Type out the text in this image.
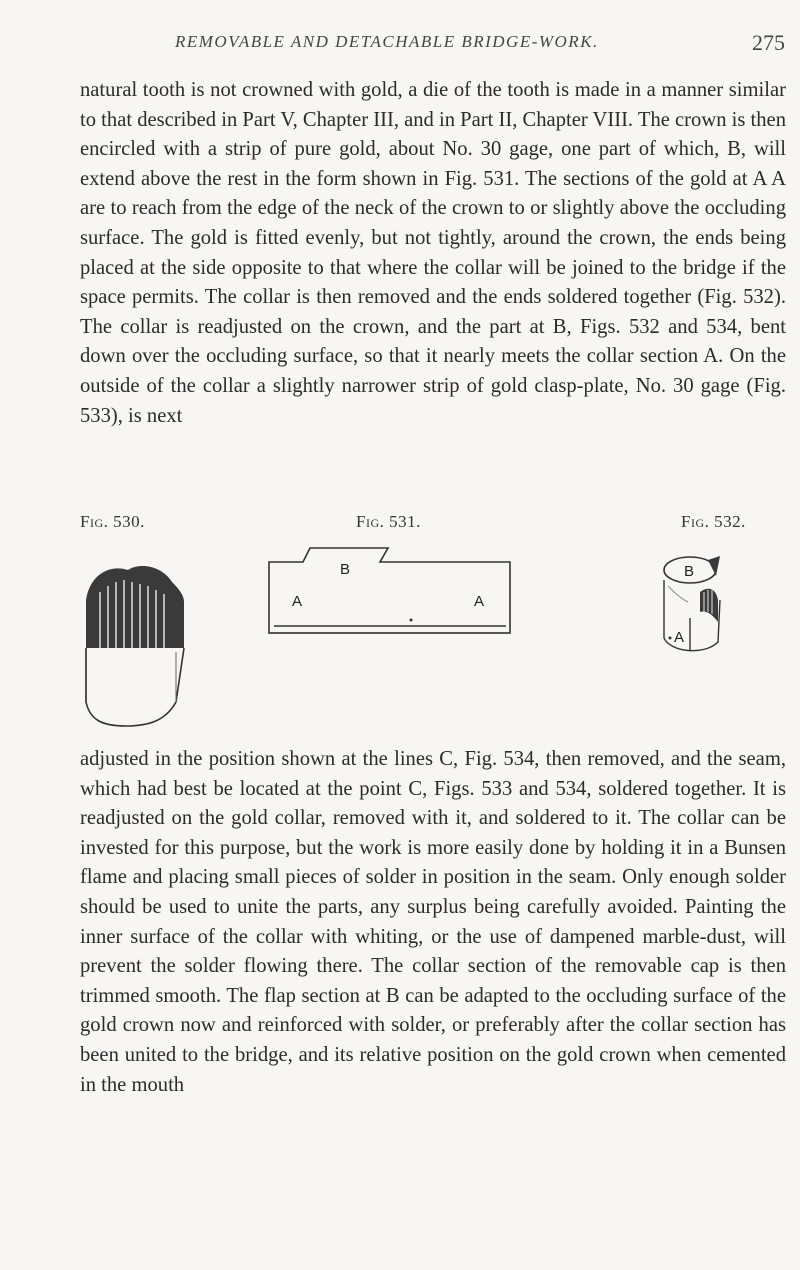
REMOVABLE AND DETACHABLE BRIDGE-WORK.	275

natural tooth is not crowned with gold, a die of the tooth is made in a manner similar to that described in Part V, Chapter III, and in Part II, Chapter VIII. The crown is then encircled with a strip of pure gold, about No. 30 gage, one part of which, B, will extend above the rest in the form shown in Fig. 531. The sections of the gold at A A are to reach from the edge of the neck of the crown to or slightly above the occluding surface. The gold is fitted evenly, but not tightly, around the crown, the ends being placed at the side opposite to that where the collar will be joined to the bridge if the space permits. The collar is then removed and the ends soldered together (Fig. 532). The collar is readjusted on the crown, and the part at B, Figs. 532 and 534, bent down over the occluding surface, so that it nearly meets the collar section A. On the outside of the collar a slightly narrower strip of gold clasp-plate, No. 30 gage (Fig. 533), is next

Fig. 530.	Fig. 531.	Fig. 532.
B
A	A
B
A

adjusted in the position shown at the lines C, Fig. 534, then removed, and the seam, which had best be located at the point C, Figs. 533 and 534, soldered together. It is readjusted on the gold collar, removed with it, and soldered to it. The collar can be invested for this purpose, but the work is more easily done by holding it in a Bunsen flame and placing small pieces of solder in position in the seam. Only enough solder should be used to unite the parts, any surplus being carefully avoided. Painting the inner surface of the collar with whiting, or the use of dampened marble-dust, will prevent the solder flowing there. The collar section of the removable cap is then trimmed smooth. The flap section at B can be adapted to the occluding surface of the gold crown now and reinforced with solder, or preferably after the collar section has been united to the bridge, and its relative position on the gold crown when cemented in the mouth
